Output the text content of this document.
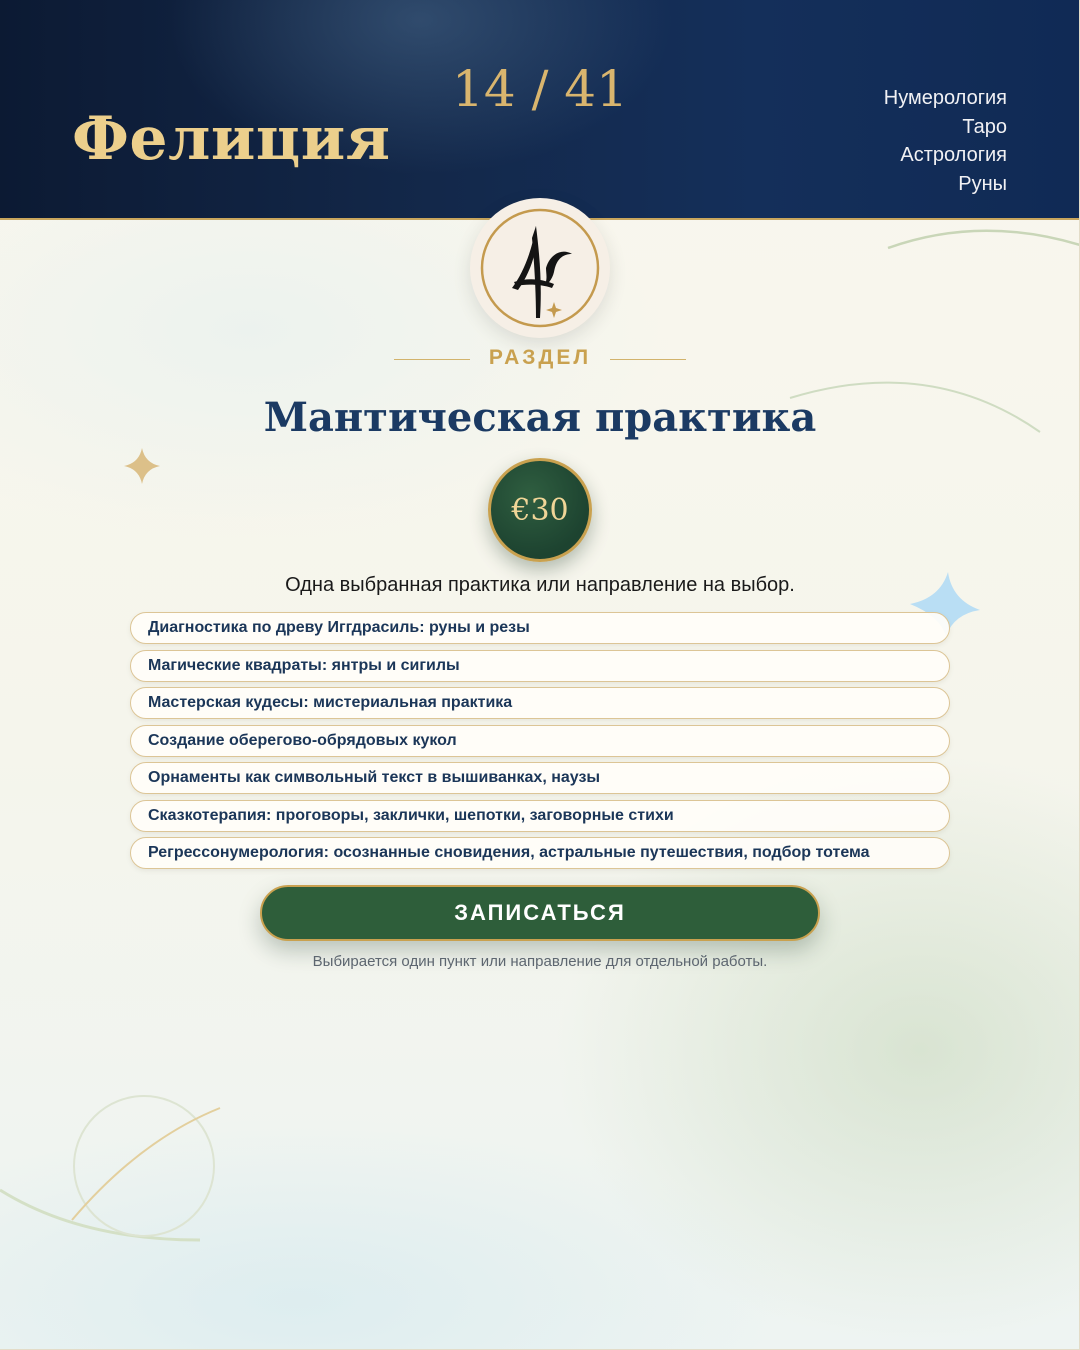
Фелиция
14 / 41	Нумерология
Таро
Астрология
Руны
РАЗДЕЛ
Мантическая практика
€30

Одна выбранная практика или направление на выбор.

Диагностика по древу Иггдрасиль: руны и резы
Магические квадраты: янтры и сигилы
Мастерская кудесы: мистериальная практика
Создание оберегово-обрядовых кукол
Орнаменты как символьный текст в вышиванках, наузы
Сказкотерапия: проговоры, заклички, шепотки, заговорные стихи
Регрессонумерология: осознанные сновидения, астральные путешествия, подбор тотема
ЗАПИСАТЬСЯ

Выбирается один пункт или направление для отдельной работы.
